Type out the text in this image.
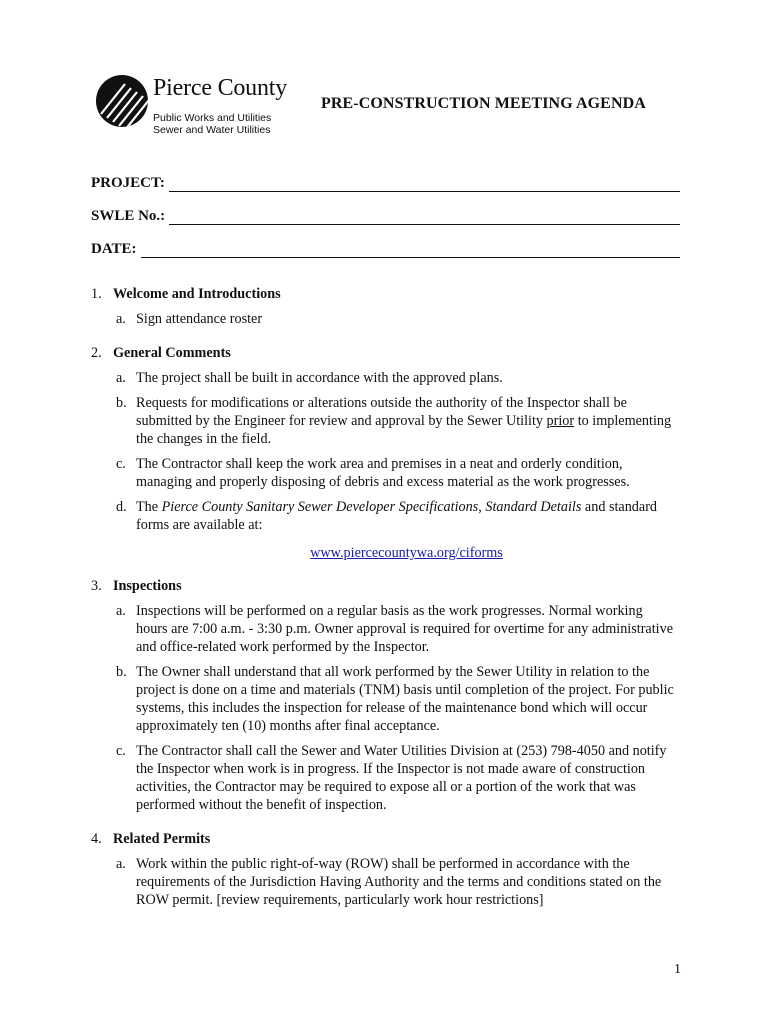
Pierce County
Public Works and Utilities
Sewer and Water Utilities
PRE-CONSTRUCTION MEETING AGENDA
PROJECT:
SWLE No.:
DATE:
1. Welcome and Introductions
a. Sign attendance roster
2. General Comments
a. The project shall be built in accordance with the approved plans.
b. Requests for modifications or alterations outside the authority of the Inspector shall be submitted by the Engineer for review and approval by the Sewer Utility prior to implementing the changes in the field.
c. The Contractor shall keep the work area and premises in a neat and orderly condition, managing and properly disposing of debris and excess material as the work progresses.
d. The Pierce County Sanitary Sewer Developer Specifications, Standard Details and standard forms are available at:
www.piercecountywa.org/ciforms
3. Inspections
a. Inspections will be performed on a regular basis as the work progresses. Normal working hours are 7:00 a.m. - 3:30 p.m. Owner approval is required for overtime for any administrative and office-related work performed by the Inspector.
b. The Owner shall understand that all work performed by the Sewer Utility in relation to the project is done on a time and materials (TNM) basis until completion of the project. For public systems, this includes the inspection for release of the maintenance bond which will occur approximately ten (10) months after final acceptance.
c. The Contractor shall call the Sewer and Water Utilities Division at (253) 798-4050 and notify the Inspector when work is in progress. If the Inspector is not made aware of construction activities, the Contractor may be required to expose all or a portion of the work that was performed without the benefit of inspection.
4. Related Permits
a. Work within the public right-of-way (ROW) shall be performed in accordance with the requirements of the Jurisdiction Having Authority and the terms and conditions stated on the ROW permit. [review requirements, particularly work hour restrictions]
1
